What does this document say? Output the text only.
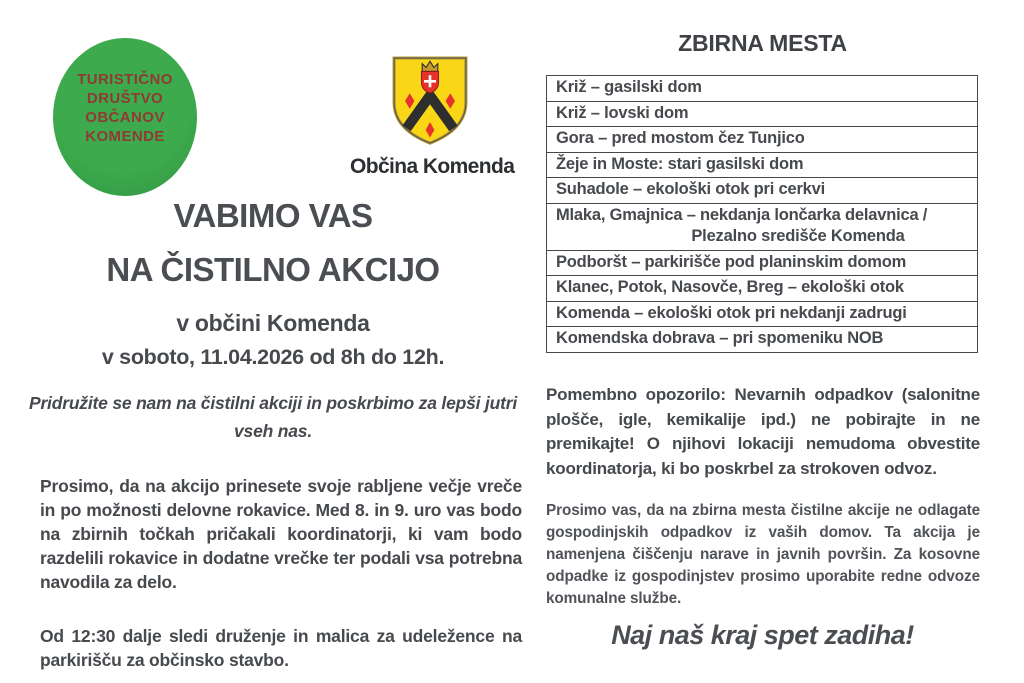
TURISTIČNO
DRUŠTVO
OBČANOV
KOMENDE
Občina Komenda
VABIMO VAS
NA ČISTILNO AKCIJO
v občini Komenda
v soboto, 11.04.2026 od 8h do 12h.
Pridružite se nam na čistilni akciji in poskrbimo za lepši jutri vseh nas.

Prosimo, da na akcijo prinesete svoje rabljene večje vreče in po možnosti delovne rokavice. Med 8. in 9. uro vas bodo na zbirnih točkah pričakali koordinatorji, ki vam bodo razdelili rokavice in dodatne vrečke ter podali vsa potrebna navodila za delo.

Od 12:30 dalje sledi druženje in malica za udeležence na parkirišču za občinsko stavbo.

ZBIRNA MESTA
Križ – gasilski dom
Križ – lovski dom
Gora – pred mostom čez Tunjico
Žeje in Moste: stari gasilski dom
Suhadole – ekološki otok pri cerkvi
Mlaka, Gmajnica – nekdanja lončarka delavnica /
Plezalno središče Komenda
Podboršt – parkirišče pod planinskim domom
Klanec, Potok, Nasovče, Breg – ekološki otok
Komenda – ekološki otok pri nekdanji zadrugi
Komendska dobrava – pri spomeniku NOB

Pomembno opozorilo: Nevarnih odpadkov (salonitne plošče, igle, kemikalije ipd.) ne pobirajte in ne premikajte! O njihovi lokaciji nemudoma obvestite koordinatorja, ki bo poskrbel za strokoven odvoz.

Prosimo vas, da na zbirna mesta čistilne akcije ne odlagate gospodinjskih odpadkov iz vaših domov. Ta akcija je namenjena čiščenju narave in javnih površin. Za kosovne odpadke iz gospodinjstev prosimo uporabite redne odvoze komunalne službe.

Naj naš kraj spet zadiha!
